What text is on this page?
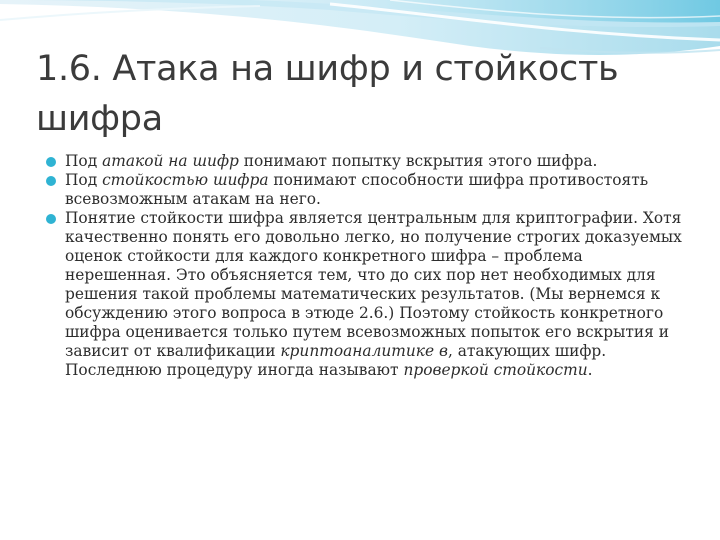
1.6. Атака на шифр и стойкость шифра
Под атакой на шифр понимают попытку вскрытия этого шифра.
Под стойкостью шифра понимают способности шифра противостоять всевозможным атакам на него.
Понятие стойкости шифра является центральным для криптографии. Хотя качественно понять его довольно легко, но получение строгих доказуемых оценок стойкости для каждого конкретного шифра – проблема нерешенная. Это объясняется тем, что до сих пор нет необходимых для решения такой проблемы математических результатов. (Мы вернемся к обсуждению этого вопроса в этюде 2.6.) Поэтому стойкость конкретного шифра оценивается только путем всевозможных попыток его вскрытия и зависит от квалификации криптоаналитике в, атакующих шифр. Последнюю процедуру иногда называют проверкой стойкости.
